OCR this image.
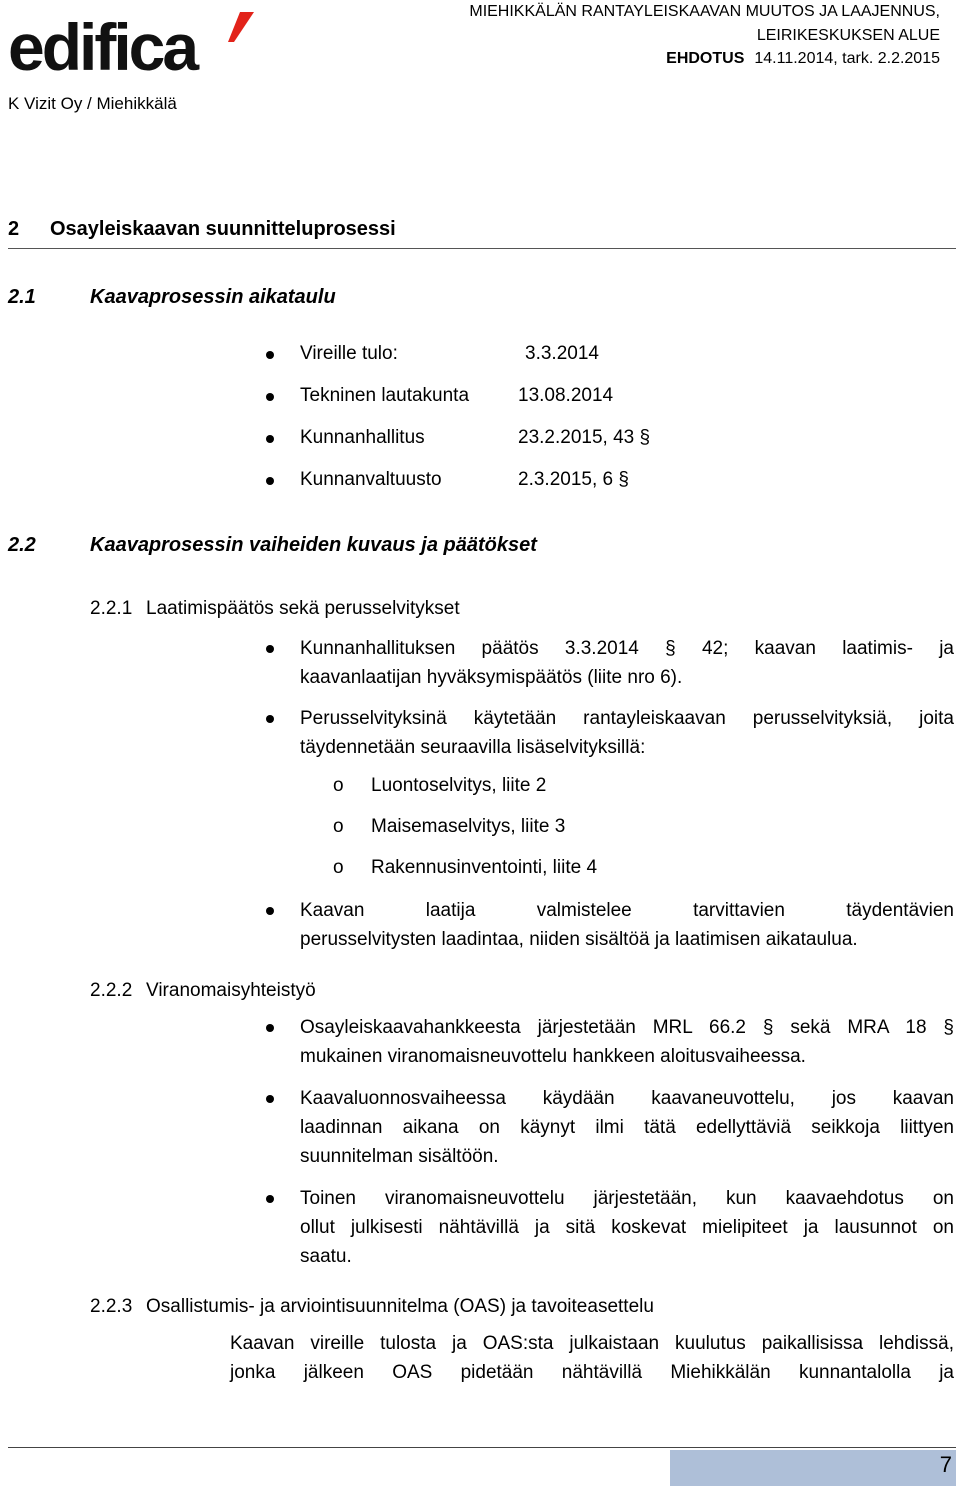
edifica
K Vizit Oy / Miehikkälä
MIEHIKKÄLÄN RANTAYLEISKAAVAN MUUTOS JA LAAJENNUS,
LEIRIKESKUKSEN ALUE
EHDOTUS 14.11.2014, tark. 2.2.2015
2 Osayleiskaavan suunnitteluprosessi
2.1	Kaavaprosessin aikataulu
Vireille tulo:	3.3.2014
Tekninen lautakunta	13.08.2014
Kunnanhallitus	23.2.2015, 43 §
Kunnanvaltuusto	2.3.2015, 6 §
2.2	Kaavaprosessin vaiheiden kuvaus ja päätökset
2.2.1 Laatimispäätös sekä perusselvitykset
Kunnanhallituksen päätös 3.3.2014 § 42; kaavan laatimis- ja
kaavanlaatijan hyväksymispäätös (liite nro 6).
Perusselvityksinä käytetään rantayleiskaavan perusselvityksiä, joita
täydennetään seuraavilla lisäselvityksillä:
o Luontoselvitys, liite 2
o Maisemaselvitys, liite 3
o Rakennusinventointi, liite 4
Kaavan laatija valmistelee tarvittavien täydentävien
perusselvitysten laadintaa, niiden sisältöä ja laatimisen aikataulua.
2.2.2 Viranomaisyhteistyö
Osayleiskaavahankkeesta järjestetään MRL 66.2 § sekä MRA 18 §
mukainen viranomaisneuvottelu hankkeen aloitusvaiheessa.
Kaavaluonnosvaiheessa käydään kaavaneuvottelu, jos kaavan
laadinnan aikana on käynyt ilmi tätä edellyttäviä seikkoja liittyen
suunnitelman sisältöön.
Toinen viranomaisneuvottelu järjestetään, kun kaavaehdotus on
ollut julkisesti nähtävillä ja sitä koskevat mielipiteet ja lausunnot on
saatu.
2.2.3 Osallistumis- ja arviointisuunnitelma (OAS) ja tavoiteasettelu
Kaavan vireille tulosta ja OAS:sta julkaistaan kuulutus paikallisissa lehdissä,
jonka jälkeen OAS pidetään nähtävillä Miehikkälän kunnantalolla ja
7
